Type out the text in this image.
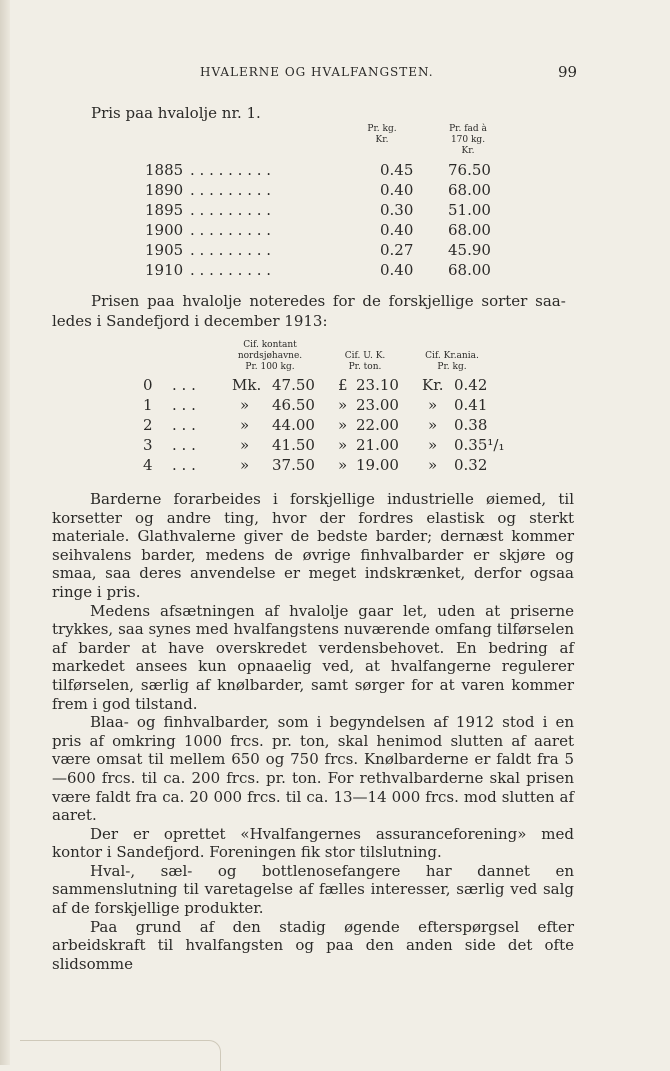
HVALERNE OG HVALFANGSTEN.	99
Pris paa hvalolje nr. 1.
Pr. kg.
Kr.
Pr. fad à
170 kg.
Kr.
1885 . . . . . . . . .	0.45 76.50
1890 . . . . . . . . .	0.40 68.00
1895 . . . . . . . . .	0.30 51.00
1900 . . . . . . . . .	0.40 68.00
1905 . . . . . . . . .	0.27 45.90
1910 . . . . . . . . .	0.40 68.00
Prisen paa hvalolje noteredes for de forskjellige sorter saa-
ledes i Sandefjord i december 1913:
Cif. kontant
nordsjøhavne.
Pr. 100 kg.
Cif. U. K.
Pr. ton.
Cif. Kr.ania.
Pr. kg.
0 . . . Mk. 47.50 £ 23.10 Kr. 0.42
1 . . .	» 46.50 » 23.00 » 0.41
2 . . .	» 44.00 » 22.00 » 0.38
3 . . .	» 41.50 » 21.00 » 0.35¹/₁
4 . . .	» 37.50 » 19.00 » 0.32

Barderne forarbeides i forskjellige industrielle øiemed, til korsetter og andre ting, hvor der fordres elastisk og sterkt materiale. Glathvalerne giver de bedste barder; dernæst kommer seihvalens barder, medens de øvrige finhvalbarder er skjøre og smaa, saa deres anvendelse er meget indskrænket, derfor ogsaa ringe i pris.

Medens afsætningen af hvalolje gaar let, uden at priserne trykkes, saa synes med hvalfangstens nuværende omfang tilførselen af barder at have overskredet verdensbehovet. En bedring af markedet ansees kun opnaaelig ved, at hvalfangerne regulerer tilførselen, særlig af knølbarder, samt sørger for at varen kommer frem i god tilstand.

Blaa- og finhvalbarder, som i begyndelsen af 1912 stod i en pris af omkring 1000 frcs. pr. ton, skal henimod slutten af aaret være omsat til mellem 650 og 750 frcs. Knølbarderne er faldt fra 5—600 frcs. til ca. 200 frcs. pr. ton. For rethvalbarderne skal prisen være faldt fra ca. 20 000 frcs. til ca. 13—14 000 frcs. mod slutten af aaret.

Der er oprettet «Hvalfangernes assuranceforening» med kontor i Sandefjord. Foreningen fik stor tilslutning.

Hval-, sæl- og bottlenosefangere har dannet en sammenslutning til varetagelse af fælles interesser, særlig ved salg af de forskjellige produkter.

Paa grund af den stadig øgende efterspørgsel efter arbeidskraft til hvalfangsten og paa den anden side det ofte slidsomme
